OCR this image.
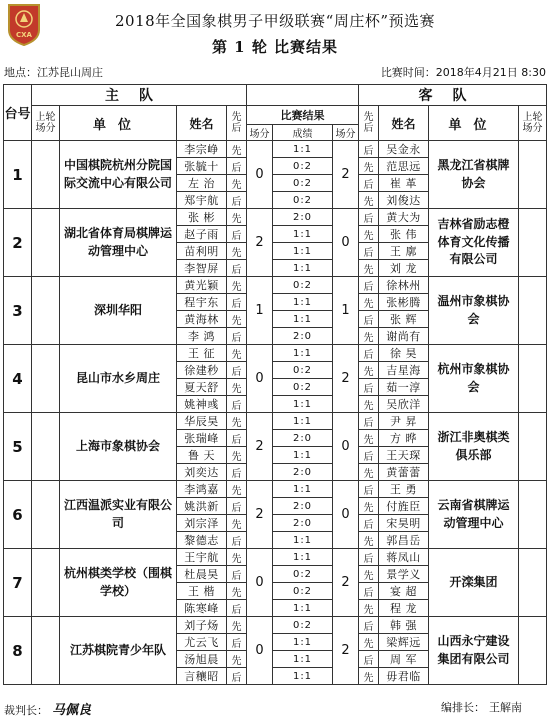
CXA
2018年全国象棋男子甲级联赛“周庄杯”预选赛
第 1 轮 比赛结果
地点：江苏昆山周庄	比赛时间：2018年4月21日 8:30
台号	主队							客队			
	上轮场分	单位	姓名	先后	比赛结果			先后	姓名	单位	上轮场分
					场分	成绩	场分				
1		中国棋院杭州分院国际交流中心有限公司	李宗峥	先	0	1:1	2	后	吴金永	黑龙江省棋牌协会	
			张毓十	后		0:2		先	范思远		
			左 治	先		0:2		后	崔 革		
			郑宇航	后		0:2		先	刘俊达		
2		湖北省体育局棋牌运动管理中心	张 彬	先	2	2:0	0	后	黄大为	吉林省励志橙体育文化传播有限公司	
			赵子雨	后		1:1		先	张 伟		
			苗利明	先		1:1		后	王 廓		
			李智屏	后		1:1		先	刘 龙		
3		深圳华阳	黄光颖	先	1	0:2	1	后	徐林州	温州市象棋协会	
			程宇东	后		1:1		先	张彬腾		
			黄海林	先		1:1		后	张 辉		
			李 鸿	后		2:0		先	谢尚有		
4		昆山市水乡周庄	王 征	先	0	1:1	2	后	徐 昊	杭州市象棋协会	
			徐建秒	后		0:2		先	吉星海		
			夏天舒	先		0:2		后	茹一淳		
			姚神彧	后		1:1		先	吴欣洋		
5		上海市象棋协会	华辰昊	先	2	1:1	0	后	尹 昇	浙江非奥棋类俱乐部	
			张瑞峰	后		2:0		先	方 晔		
			鲁 天	先		1:1		后	王天琛		
			刘奕达	后		2:0		先	黄蕾蕾		
6		江西温派实业有限公司	李鸿嘉	先	2	1:1	0	后	王 勇	云南省棋牌运动管理中心	
			姚洪新	后		2:0		先	付旌臣		
			刘宗泽	先		2:0		后	宋昊明		
			黎德志	后		1:1		先	郭昌岳		
7		杭州棋类学校（围棋学校）	王宇航	先	0	1:1	2	后	蒋凤山	开滦集团	
			杜晨昊	后		0:2		先	景学义		
			王 楷	先		0:2		后	宴 超		
			陈寒峰	后		1:1		先	程 龙		
8		江苏棋院青少年队	刘子炀	先	0	0:2	2	后	韩 强	山西永宁建设集团有限公司	
			尤云飞	后		1:1		先	梁辉远		
			汤旭晨	先		1:1		后	周 军		
			言穰昭	后		1:1		先	毋君临		
裁判长： 马佩良	编排长： 王解南
